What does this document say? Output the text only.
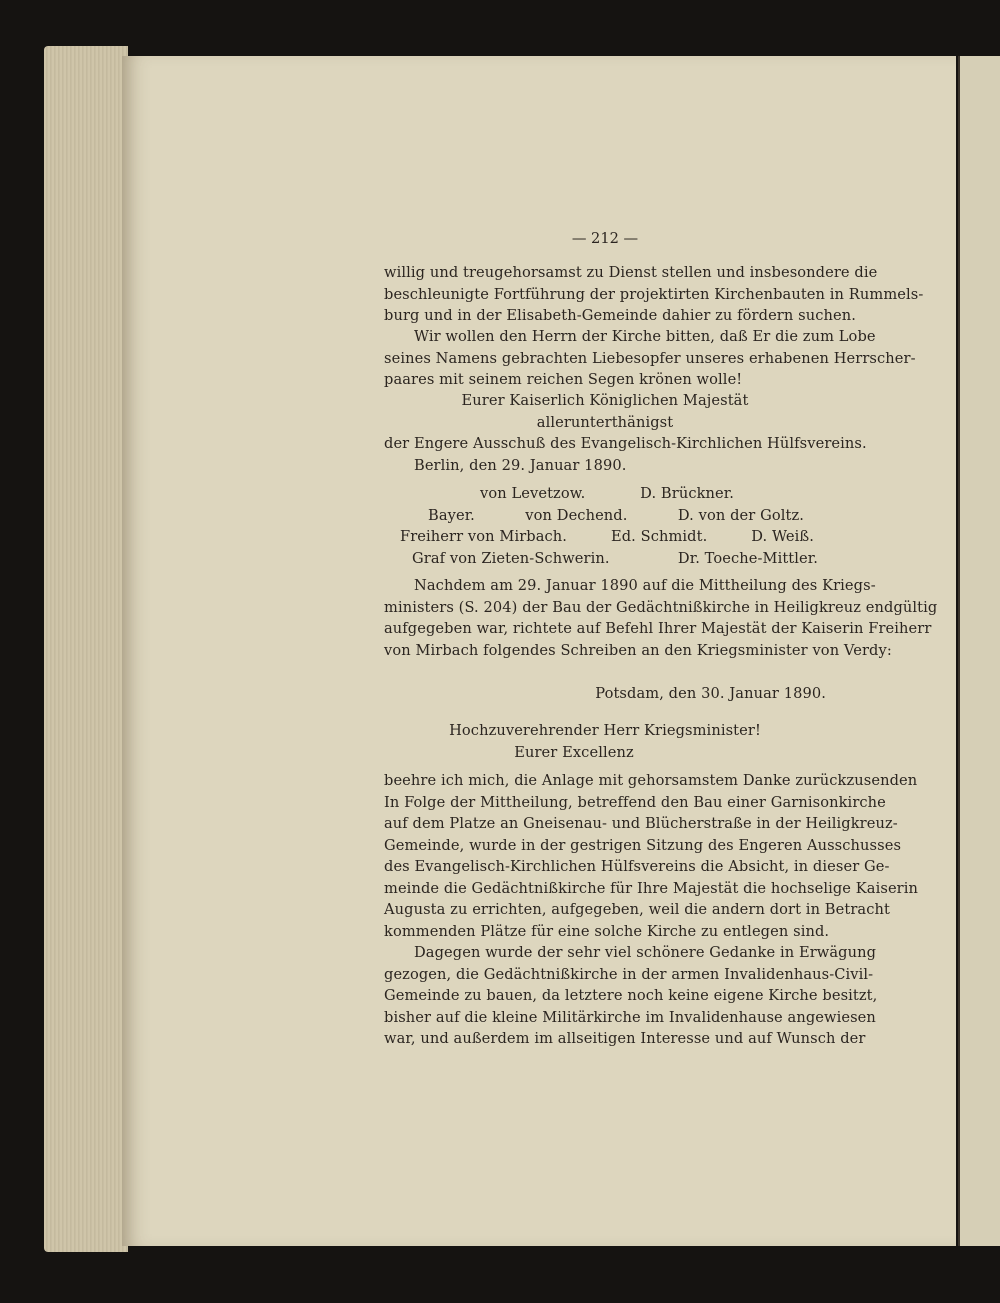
— 212 —
willig und treugehorsamst zu Dienst stellen und insbesondere die
beschleunigte Fortführung der projektirten Kirchenbauten in Rummels-
burg und in der Elisabeth-Gemeinde dahier zu fördern suchen.
Wir wollen den Herrn der Kirche bitten, daß Er die zum Lobe
seines Namens gebrachten Liebesopfer unseres erhabenen Herrscher-
paares mit seinem reichen Segen krönen wolle!
Eurer Kaiserlich Königlichen Majestät
allerunterthänigst
der Engere Ausschuß des Evangelisch-Kirchlichen Hülfsvereins.
Berlin, den 29. Januar 1890.
von Levetzow.	D. Brückner.
Bayer.	von Dechend.	D. von der Goltz.
Freiherr von Mirbach.	Ed. Schmidt.	D. Weiß.
Graf von Zieten-Schwerin.	Dr. Toeche-Mittler.
Nachdem am 29. Januar 1890 auf die Mittheilung des Kriegs-
ministers (S. 204) der Bau der Gedächtnißkirche in Heiligkreuz endgültig
aufgegeben war, richtete auf Befehl Ihrer Majestät der Kaiserin Freiherr
von Mirbach folgendes Schreiben an den Kriegsminister von Verdy:
Potsdam, den 30. Januar 1890.
Hochzuverehrender Herr Kriegsminister!
Eurer Excellenz
beehre ich mich, die Anlage mit gehorsamstem Danke zurückzusenden
In Folge der Mittheilung, betreffend den Bau einer Garnisonkirche
auf dem Platze an Gneisenau- und Blücherstraße in der Heiligkreuz-
Gemeinde, wurde in der gestrigen Sitzung des Engeren Ausschusses
des Evangelisch-Kirchlichen Hülfsvereins die Absicht, in dieser Ge-
meinde die Gedächtnißkirche für Ihre Majestät die hochselige Kaiserin
Augusta zu errichten, aufgegeben, weil die andern dort in Betracht
kommenden Plätze für eine solche Kirche zu entlegen sind.
Dagegen wurde der sehr viel schönere Gedanke in Erwägung
gezogen, die Gedächtnißkirche in der armen Invalidenhaus-Civil-
Gemeinde zu bauen, da letztere noch keine eigene Kirche besitzt,
bisher auf die kleine Militärkirche im Invalidenhause angewiesen
war, und außerdem im allseitigen Interesse und auf Wunsch der
